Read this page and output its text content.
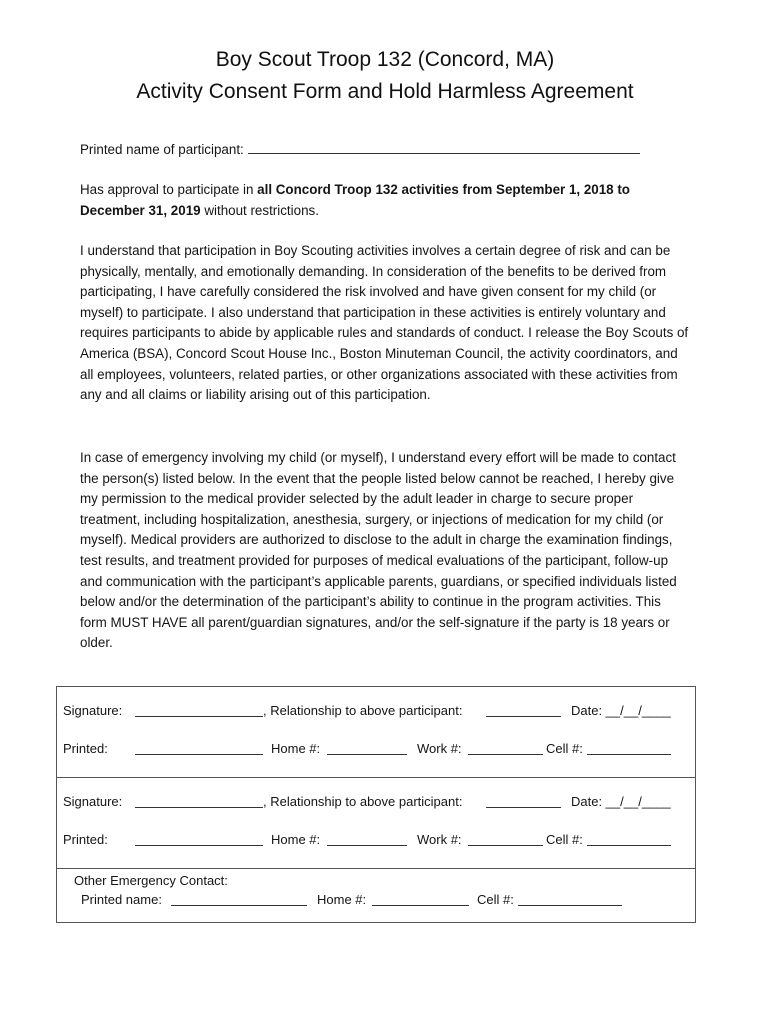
Boy Scout Troop 132 (Concord, MA)
Activity Consent Form and Hold Harmless Agreement
Printed name of participant:
Has approval to participate in all Concord Troop 132 activities from September 1, 2018 to December 31, 2019 without restrictions.
I understand that participation in Boy Scouting activities involves a certain degree of risk and can be physically, mentally, and emotionally demanding. In consideration of the benefits to be derived from participating, I have carefully considered the risk involved and have given consent for my child (or myself) to participate. I also understand that participation in these activities is entirely voluntary and requires participants to abide by applicable rules and standards of conduct. I release the Boy Scouts of America (BSA), Concord Scout House Inc., Boston Minuteman Council, the activity coordinators, and all employees, volunteers, related parties, or other organizations associated with these activities from any and all claims or liability arising out of this participation.
In case of emergency involving my child (or myself), I understand every effort will be made to contact the person(s) listed below. In the event that the people listed below cannot be reached, I hereby give my permission to the medical provider selected by the adult leader in charge to secure proper treatment, including hospitalization, anesthesia, surgery, or injections of medication for my child (or myself). Medical providers are authorized to disclose to the adult in charge the examination findings, test results, and treatment provided for purposes of medical evaluations of the participant, follow-up and communication with the participant’s applicable parents, guardians, or specified individuals listed below and/or the determination of the participant’s ability to continue in the program activities. This form MUST HAVE all parent/guardian signatures, and/or the self-signature if the party is 18 years or older.
Signature:	, Relationship to above participant:	Date: __/__/____
Printed:	Home #:	Work #:	Cell #:
Signature:	, Relationship to above participant:	Date: __/__/____
Printed:	Home #:	Work #:	Cell #:
Other Emergency Contact:
Printed name:	Home #:	Cell #:
